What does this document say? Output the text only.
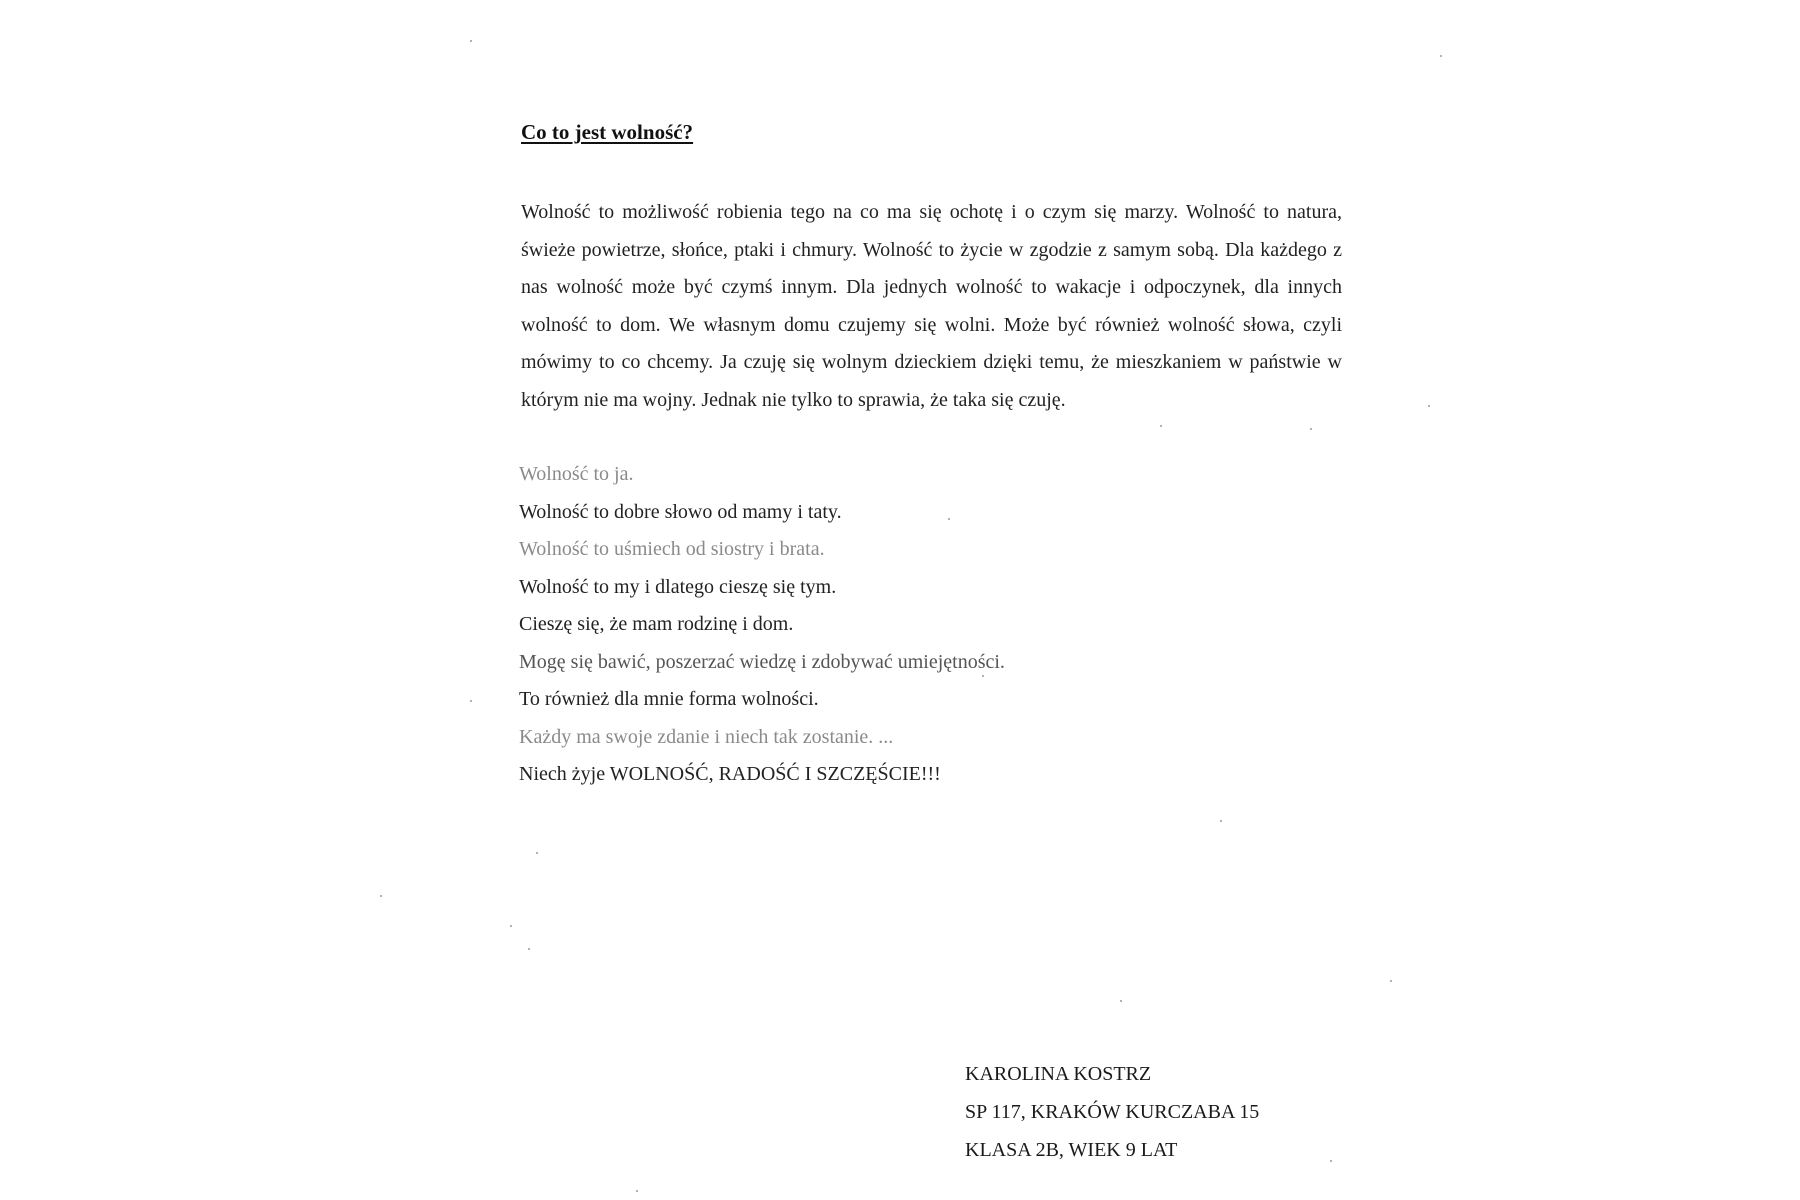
Co to jest wolność?
Wolność to możliwość robienia tego na co ma się ochotę i o czym się marzy. Wolność to natura, świeże powietrze, słońce, ptaki i chmury. Wolność to życie w zgodzie z samym sobą. Dla każdego z nas wolność może być czymś innym. Dla jednych wolność to wakacje i odpoczynek, dla innych wolność to dom. We własnym domu czujemy się wolni. Może być również wolność słowa, czyli mówimy to co chcemy. Ja czuję się wolnym dzieckiem dzięki temu, że mieszkaniem w państwie w którym nie ma wojny. Jednak nie tylko to sprawia, że taka się czuję.
Wolność to ja.
Wolność to dobre słowo od mamy i taty.
Wolność to uśmiech od siostry i brata.
Wolność to my i dlatego cieszę się tym.
Cieszę się, że mam rodzinę i dom.
Mogę się bawić, poszerzać wiedzę i zdobywać umiejętności.
To również dla mnie forma wolności.
Każdy ma swoje zdanie i niech tak zostanie. ...
Niech żyje WOLNOŚĆ, RADOŚĆ I SZCZĘŚCIE!!!
KAROLINA KOSTRZ
SP 117, KRAKÓW KURCZABA 15
KLASA 2B, WIEK 9 LAT
